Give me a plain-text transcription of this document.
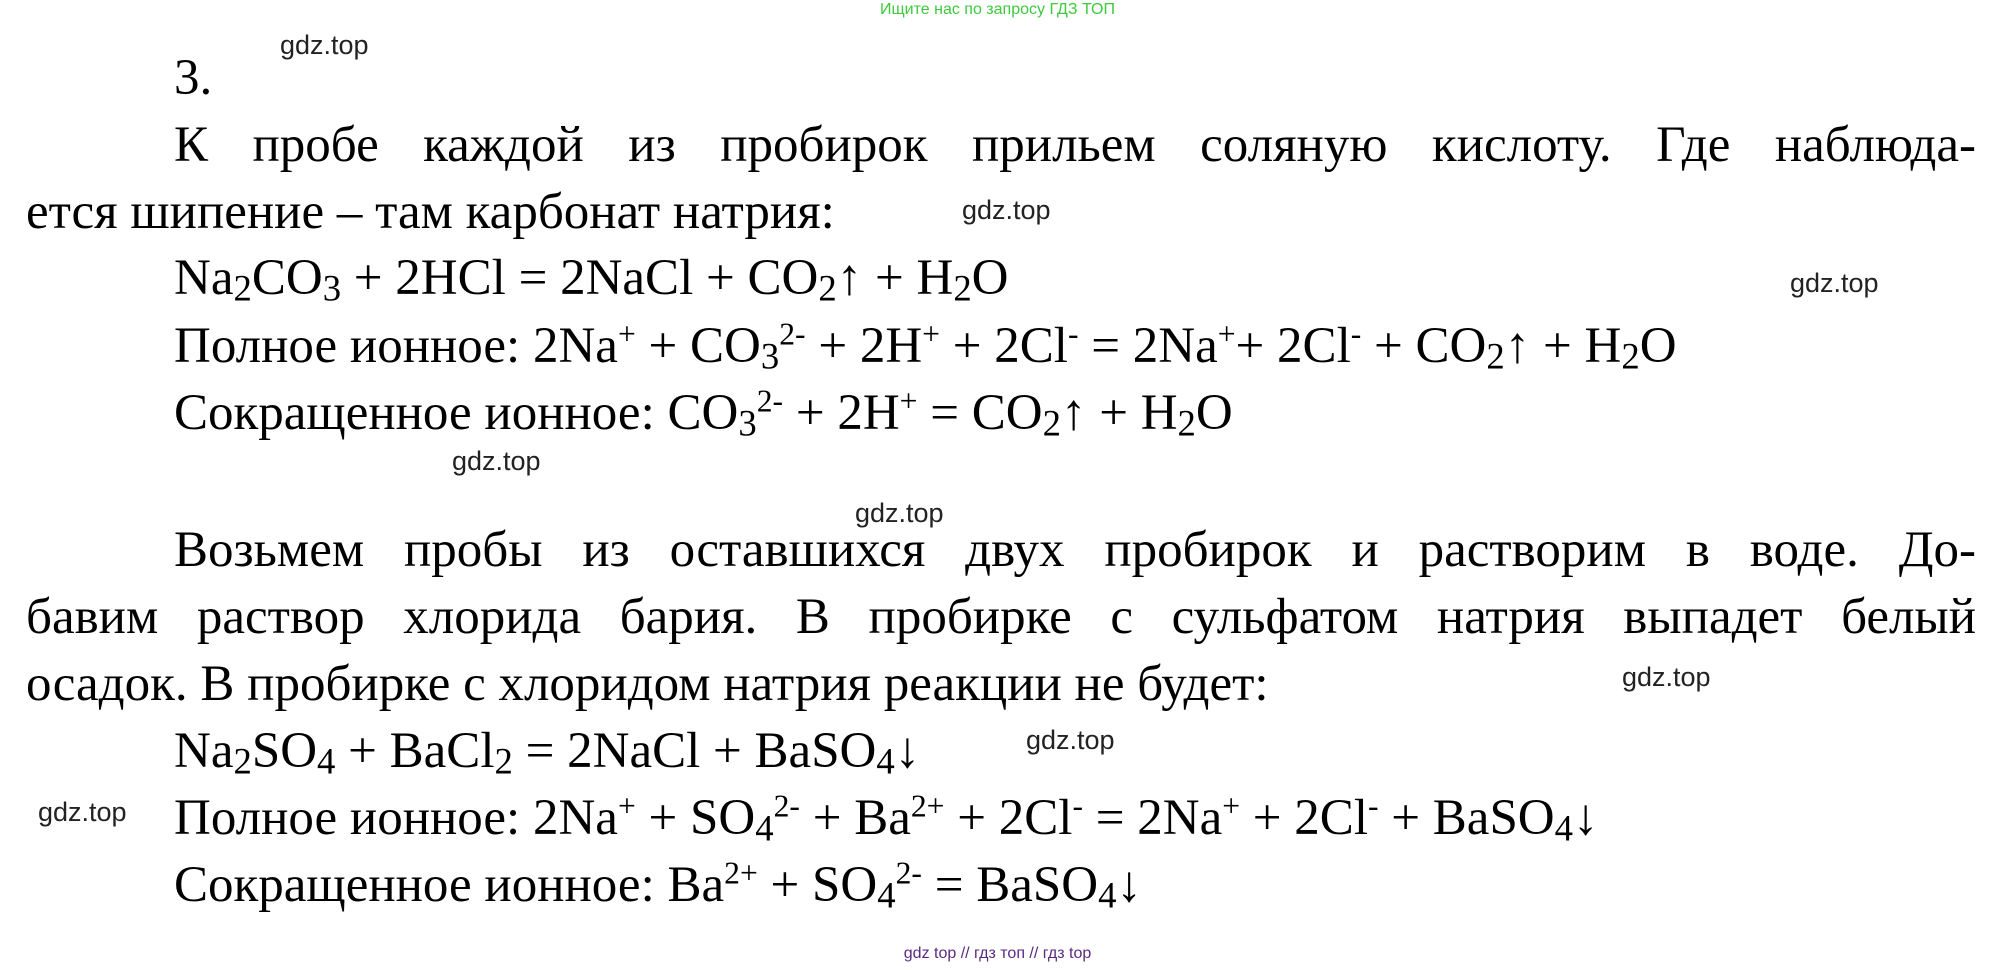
Ищите нас по запросу ГДЗ ТОП
gdz.top
gdz.top
gdz.top
gdz.top
gdz.top
gdz.top
gdz.top
gdz.top
3.
К пробе каждой из пробирок прильем соляную кислоту. Где наблюда-
ется шипение – там карбонат натрия:
$Na_2CO_3 + 2HCl$ = 2NaCl + $CO_2↑ + H_2O$
Полное ионное: $2Na^+ + CO_3^{2-} + 2H^+ + 2Cl^- = 2Na^++ 2Cl^-$ + $CO_2↑ + H_2O$
Сокращенное ионное: $CO_3^{2-} + 2H^+$ = $CO_2↑ + H_2O$
Возьмем пробы из оставшихся двух пробирок и растворим в воде. До-
бавим раствор хлорида бария. В пробирке с сульфатом натрия выпадет белый
осадок. В пробирке с хлоридом натрия реакции не будет:
$Na_2SO_4$ + BaCl$_2$ = 2NaCl + BaSO$_4$↓
Полное ионное: $2Na^+ + SO_4^{2-} + Ba^{2+} + 2Cl^- = 2Na^+ + 2Cl^-$ + BaSO$_4$↓
Сокращенное ионное: $Ba^{2+} + SO_4^{2-}$ = BaSO$_4$↓
gdz top // гдз топ // гдз top
